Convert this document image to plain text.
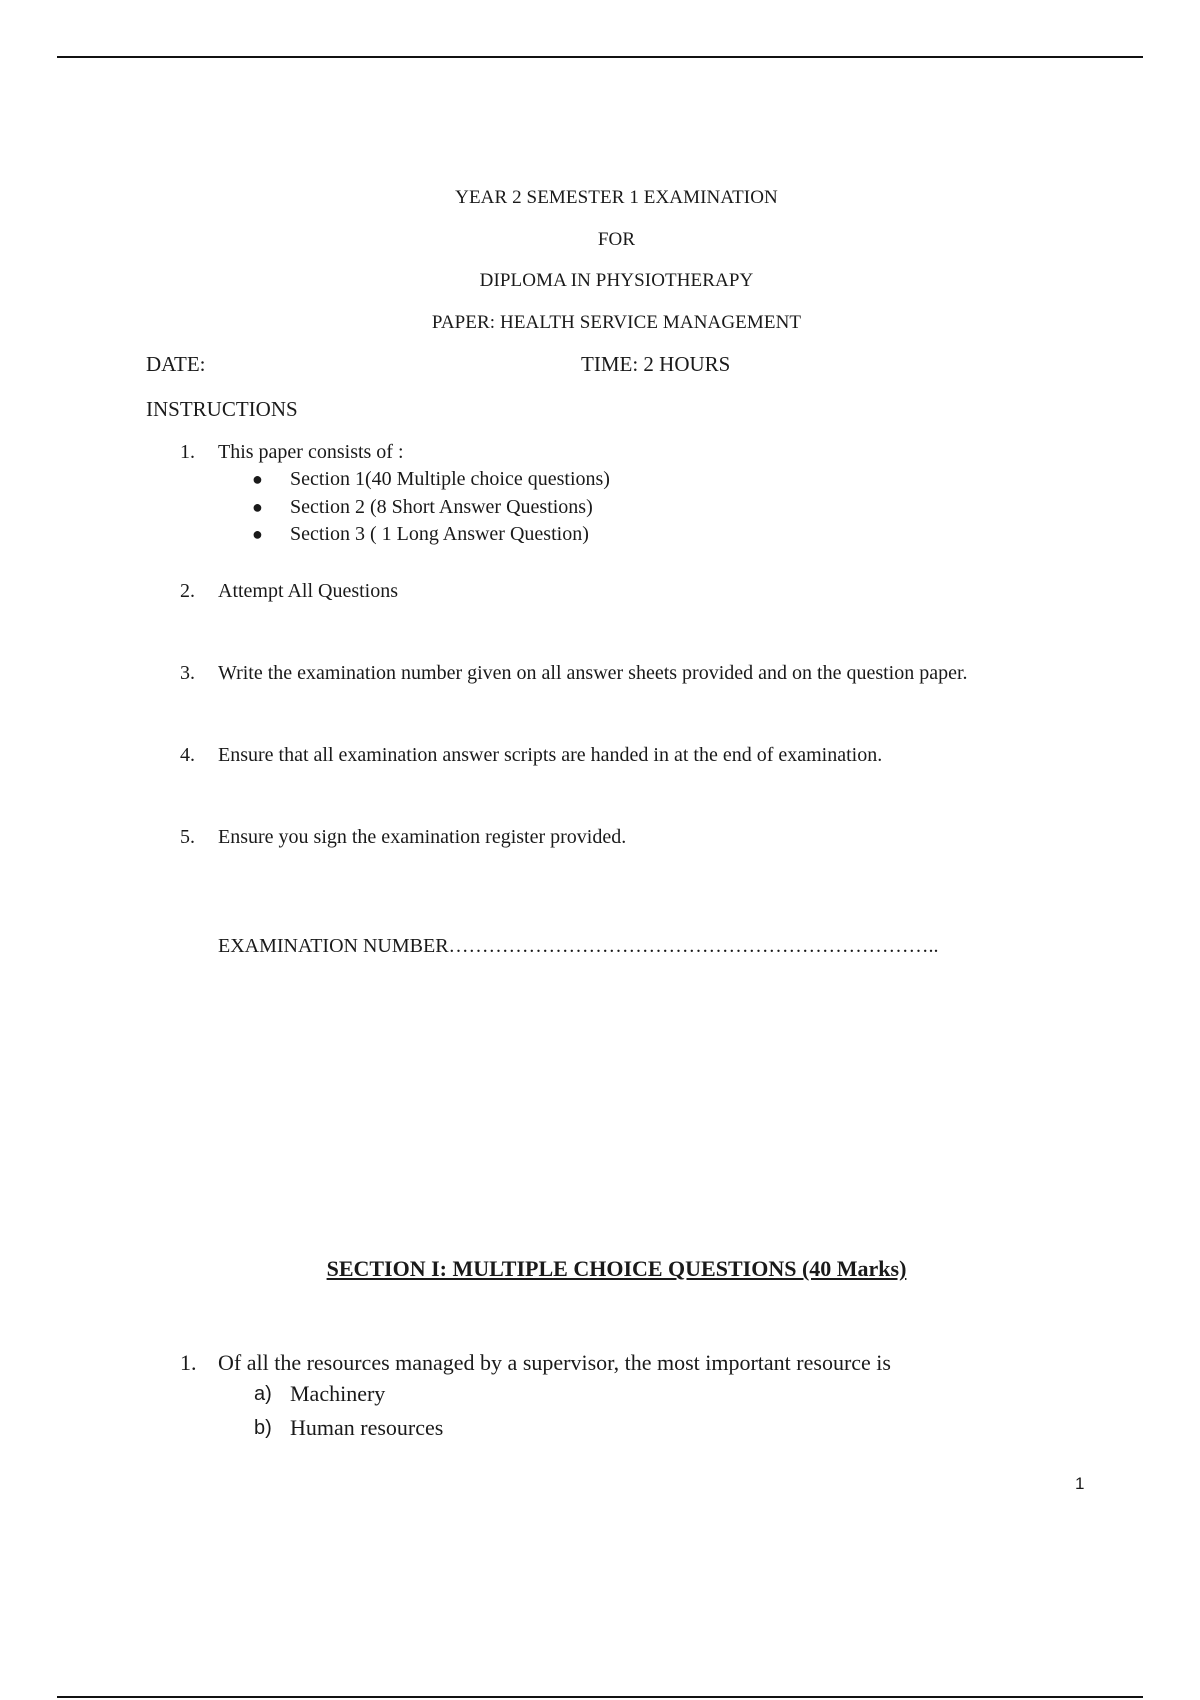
YEAR 2 SEMESTER 1 EXAMINATION
FOR
DIPLOMA IN PHYSIOTHERAPY
PAPER: HEALTH SERVICE MANAGEMENT
DATE:	TIME: 2 HOURS
INSTRUCTIONS
1. This paper consists of :
● Section 1(40 Multiple choice questions)
● Section 2 (8 Short Answer Questions)
● Section 3 ( 1 Long Answer Question)
2. Attempt All Questions
3. Write the examination number given on all answer sheets provided and on the question paper.
4. Ensure that all examination answer scripts are handed in at the end of examination.
5. Ensure you sign the examination register provided.
EXAMINATION NUMBER………………………………………………………………..
SECTION I: MULTIPLE CHOICE QUESTIONS (40 Marks)
1. Of all the resources managed by a supervisor, the most important resource is
a) Machinery
b) Human resources
1
